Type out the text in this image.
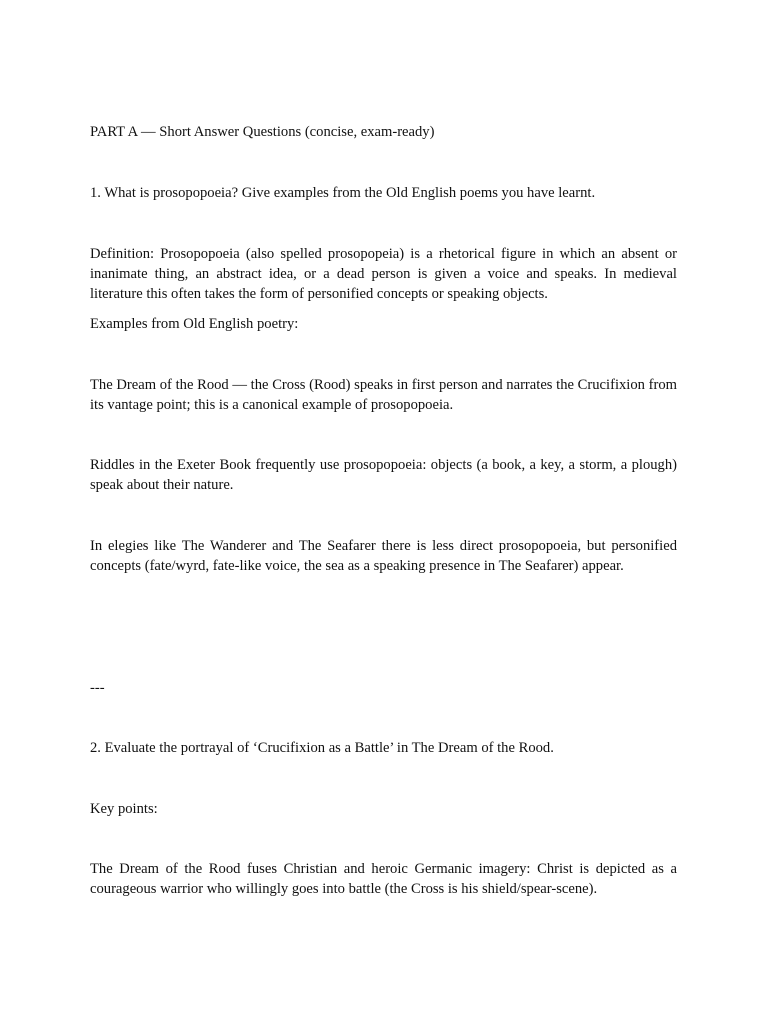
PART A — Short Answer Questions (concise, exam-ready)

1. What is prosopopoeia? Give examples from the Old English poems you have learnt.

Definition: Prosopopoeia (also spelled prosopopeia) is a rhetorical figure in which an absent or inanimate thing, an abstract idea, or a dead person is given a voice and speaks. In medieval literature this often takes the form of personified concepts or speaking objects.

Examples from Old English poetry:

The Dream of the Rood — the Cross (Rood) speaks in first person and narrates the Crucifixion from its vantage point; this is a canonical example of prosopopoeia.

Riddles in the Exeter Book frequently use prosopopoeia: objects (a book, a key, a storm, a plough) speak about their nature.

In elegies like The Wanderer and The Seafarer there is less direct prosopopoeia, but personified concepts (fate/wyrd, fate-like voice, the sea as a speaking presence in The Seafarer) appear.

---

2. Evaluate the portrayal of ‘Crucifixion as a Battle’ in The Dream of the Rood.

Key points:

The Dream of the Rood fuses Christian and heroic Germanic imagery: Christ is depicted as a courageous warrior who willingly goes into battle (the Cross is his shield/spear-scene).
